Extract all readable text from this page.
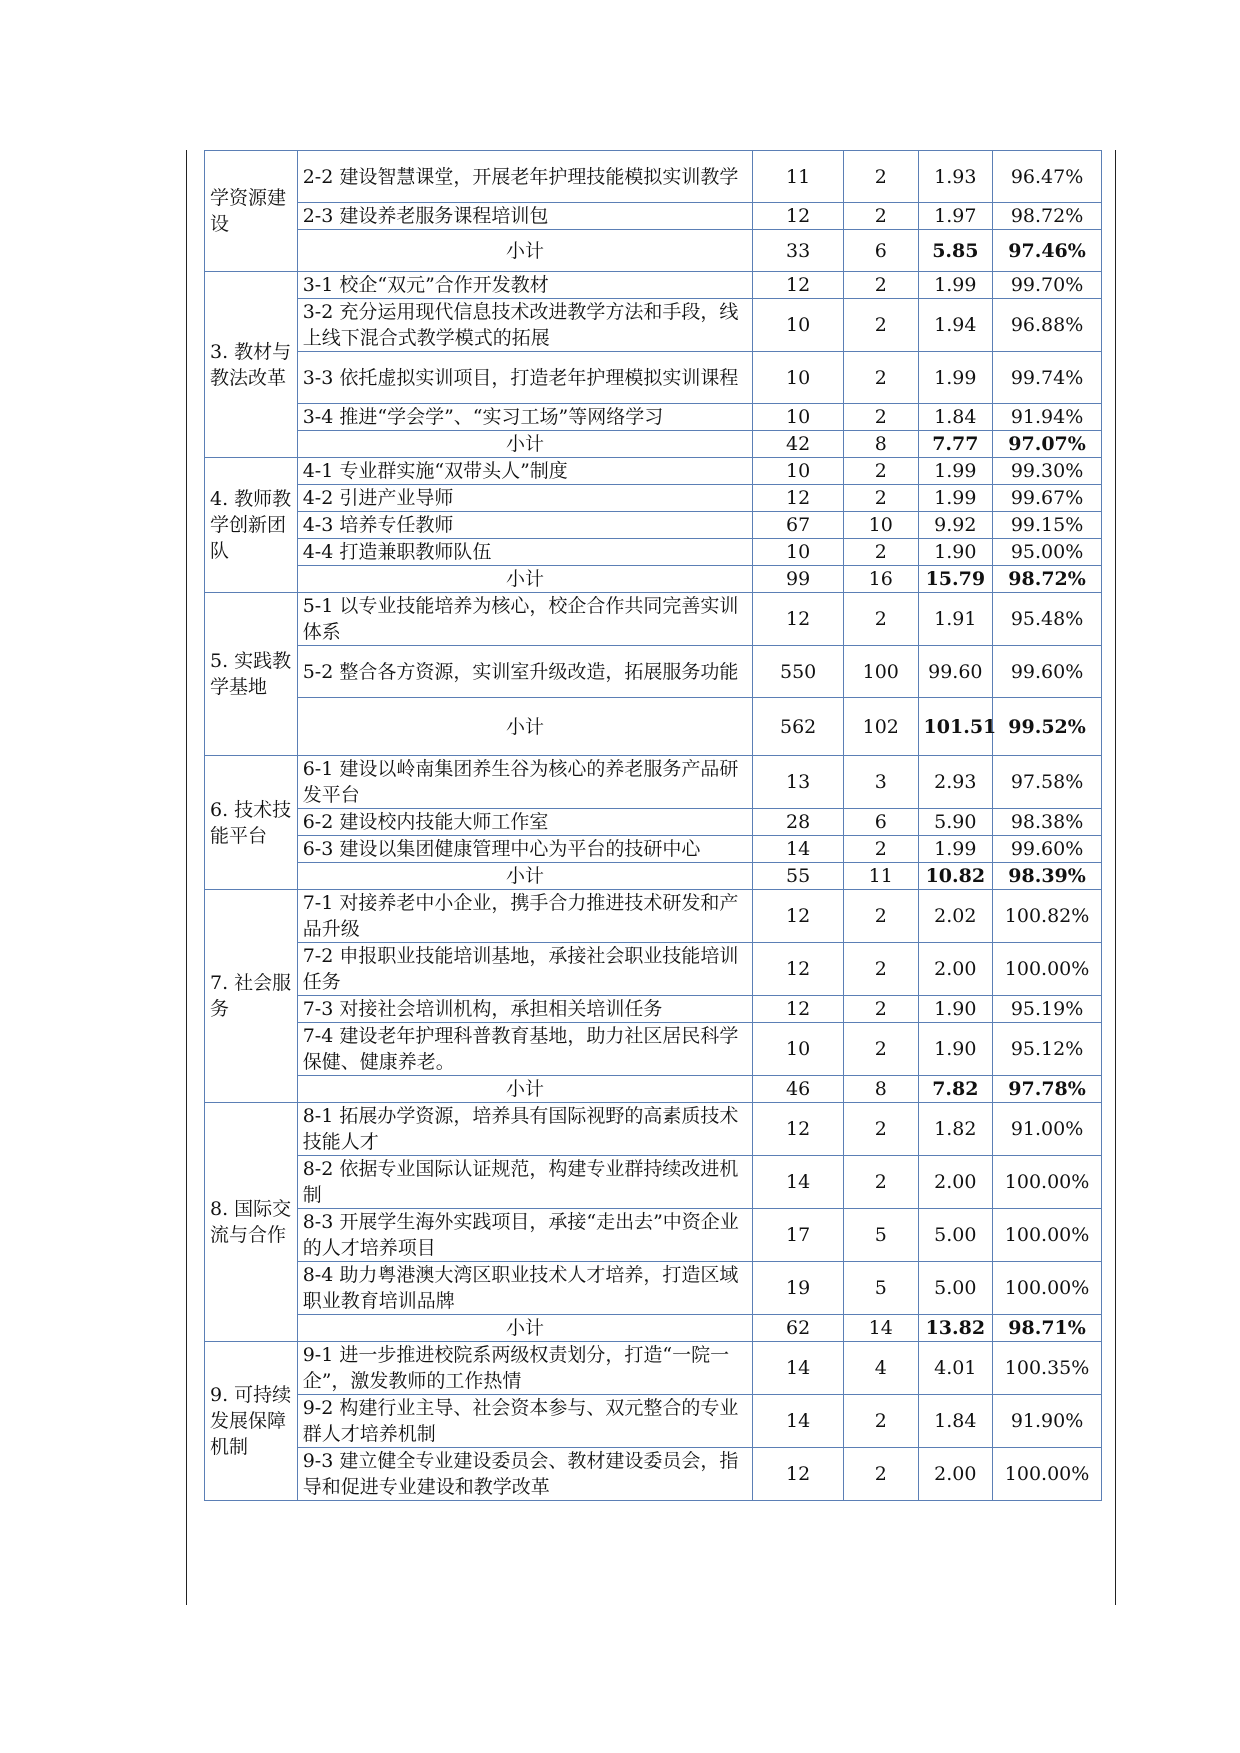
学资源建设	2-2 建设智慧课堂，开展老年护理技能模拟实训教学	11	2	1.93	96.47%
	2-3 建设养老服务课程培训包	12	2	1.97	98.72%
	小计	33	6	5.85	97.46%
3. 教材与教法改革	3-1 校企“双元”合作开发教材	12	2	1.99	99.70%
	3-2 充分运用现代信息技术改进教学方法和手段，线上线下混合式教学模式的拓展	10	2	1.94	96.88%
	3-3 依托虚拟实训项目，打造老年护理模拟实训课程	10	2	1.99	99.74%
	3-4 推进“学会学”、“实习工场”等网络学习	10	2	1.84	91.94%
	小计	42	8	7.77	97.07%
4. 教师教学创新团队	4-1 专业群实施“双带头人”制度	10	2	1.99	99.30%
	4-2 引进产业导师	12	2	1.99	99.67%
	4-3 培养专任教师	67	10	9.92	99.15%
	4-4 打造兼职教师队伍	10	2	1.90	95.00%
	小计	99	16	15.79	98.72%
5. 实践教学基地	5-1 以专业技能培养为核心，校企合作共同完善实训体系	12	2	1.91	95.48%
	5-2 整合各方资源，实训室升级改造，拓展服务功能	550	100	99.60	99.60%
	小计	562	102	101.51	99.52%
6. 技术技能平台	6-1 建设以岭南集团养生谷为核心的养老服务产品研发平台	13	3	2.93	97.58%
	6-2 建设校内技能大师工作室	28	6	5.90	98.38%
	6-3 建设以集团健康管理中心为平台的技研中心	14	2	1.99	99.60%
	小计	55	11	10.82	98.39%
7. 社会服务	7-1 对接养老中小企业，携手合力推进技术研发和产品升级	12	2	2.02	100.82%
	7-2 申报职业技能培训基地，承接社会职业技能培训任务	12	2	2.00	100.00%
	7-3 对接社会培训机构，承担相关培训任务	12	2	1.90	95.19%
	7-4 建设老年护理科普教育基地，助力社区居民科学保健、健康养老。	10	2	1.90	95.12%
	小计	46	8	7.82	97.78%
8. 国际交流与合作	8-1 拓展办学资源，培养具有国际视野的高素质技术技能人才	12	2	1.82	91.00%
	8-2 依据专业国际认证规范，构建专业群持续改进机制	14	2	2.00	100.00%
	8-3 开展学生海外实践项目，承接“走出去”中资企业的人才培养项目	17	5	5.00	100.00%
	8-4 助力粤港澳大湾区职业技术人才培养，打造区域职业教育培训品牌	19	5	5.00	100.00%
	小计	62	14	13.82	98.71%
9. 可持续发展保障机制	9-1 进一步推进校院系两级权责划分，打造“一院一企”，激发教师的工作热情	14	4	4.01	100.35%
	9-2 构建行业主导、社会资本参与、双元整合的专业群人才培养机制	14	2	1.84	91.90%
	9-3 建立健全专业建设委员会、教材建设委员会，指导和促进专业建设和教学改革	12	2	2.00	100.00%
